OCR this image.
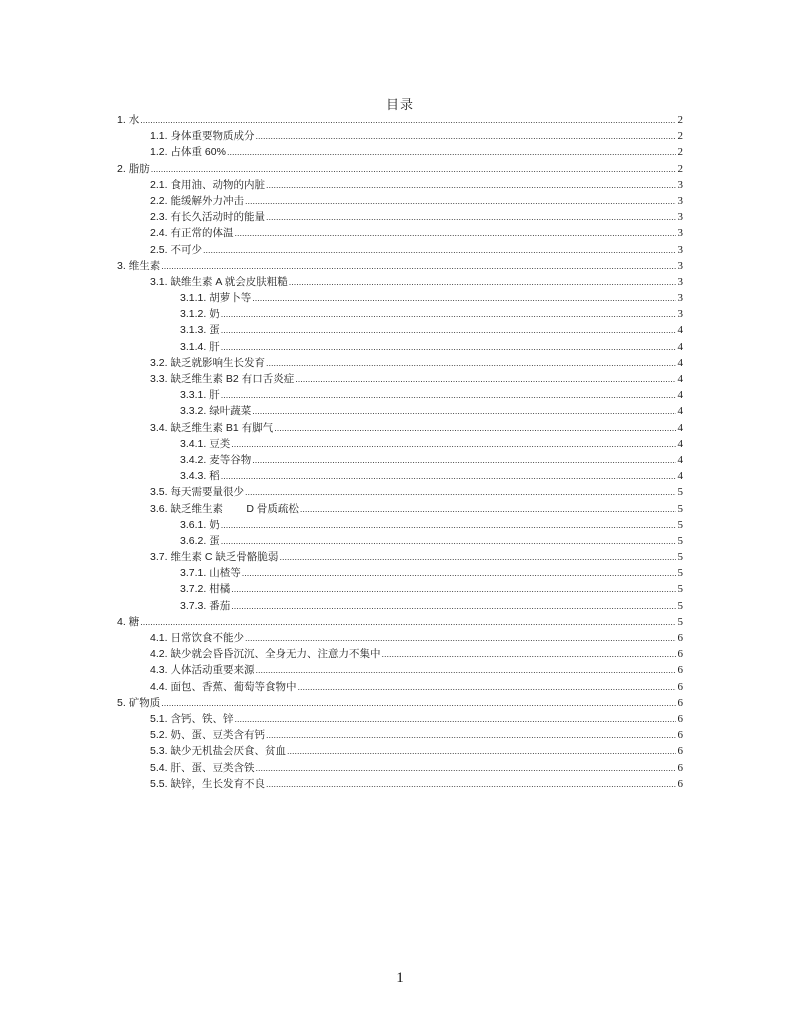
目录
1. 水 .....	2
1.1. 身体重要物质成分 .....	2
1.2. 占体重 60% .....	2
2. 脂肪 .....	2
2.1. 食用油、动物的内脏 .....	3
2.2. 能缓解外力冲击 .....	3
2.3. 有长久活动时的能量 .....	3
2.4. 有正常的体温 .....	3
2.5. 不可少 .....	3
3. 维生素 .....	3
3.1. 缺维生素 A 就会皮肤粗糙 .....	3
3.1.1. 胡萝卜等 .....	3
3.1.2. 奶 .....	3
3.1.3. 蛋 .....	4
3.1.4. 肝 .....	4
3.2. 缺乏就影响生长发育 .....	4
3.3. 缺乏维生素 B2 有口舌炎症 .....	4
3.3.1. 肝 .....	4
3.3.2. 绿叶蔬菜 .....	4
3.4. 缺乏维生素 B1 有脚气 .....	4
3.4.1. 豆类 .....	4
3.4.2. 麦等谷物 .....	4
3.4.3. 稻 .....	4
3.5. 每天需要量很少 .....	5
3.6. 缺乏维生素        D 骨质疏松 .....	5
3.6.1. 奶 .....	5
3.6.2. 蛋 .....	5
3.7. 维生素 C 缺乏骨骼脆弱 .....	5
3.7.1. 山楂等 .....	5
3.7.2. 柑橘 .....	5
3.7.3. 番茄 .....	5
4. 糖 .....	5
4.1. 日常饮食不能少 .....	6
4.2. 缺少就会昏昏沉沉、全身无力、注意力不集中 .....	6
4.3. 人体活动重要来源 .....	6
4.4. 面包、香蕉、葡萄等食物中 .....	6
5. 矿物质 .....	6
5.1. 含钙、铁、锌 .....	6
5.2. 奶、蛋、豆类含有钙 .....	6
5.3. 缺少无机盐会厌食、贫血 .....	6
5.4. 肝、蛋、豆类含铁 .....	6
5.5. 缺锌，生长发育不良 .....	6
1
